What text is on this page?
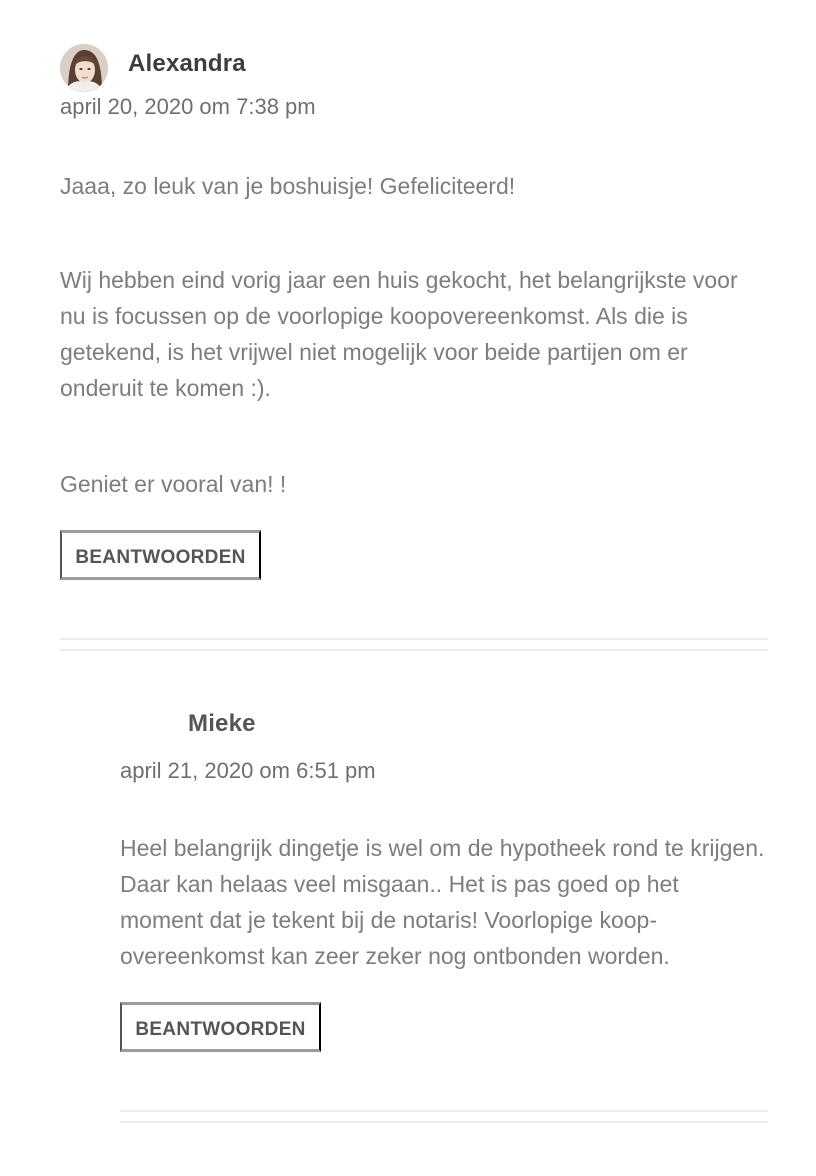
Alexandra
april 20, 2020 om 7:38 pm

Jaaa, zo leuk van je boshuisje! Gefeliciteerd!

Wij hebben eind vorig jaar een huis gekocht, het belangrijkste voor nu is focussen op de voorlopige koopovereenkomst. Als die is getekend, is het vrijwel niet mogelijk voor beide partijen om er onderuit te komen :).

Geniet er vooral van! !

BEANTWOORDEN
Mieke
april 21, 2020 om 6:51 pm

Heel belangrijk dingetje is wel om de hypotheek rond te krijgen. Daar kan helaas veel misgaan.. Het is pas goed op het moment dat je tekent bij de notaris! Voorlopige koop-overeenkomst kan zeer zeker nog ontbonden worden.

BEANTWOORDEN
